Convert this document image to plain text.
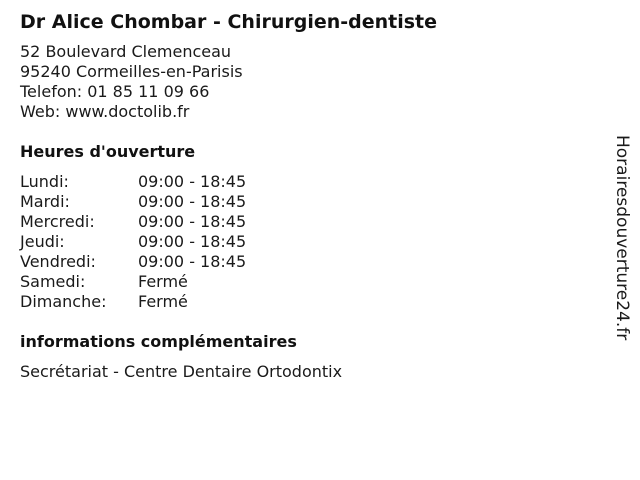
Dr Alice Chombar - Chirurgien-dentiste
52 Boulevard Clemenceau
95240 Cormeilles-en-Parisis
Telefon: 01 85 11 09 66
Web: www.doctolib.fr
Heures d'ouverture
Lundi:	09:00 - 18:45
Mardi:	09:00 - 18:45
Mercredi:	09:00 - 18:45
Jeudi:	09:00 - 18:45
Vendredi:	09:00 - 18:45
Samedi:	Fermé
Dimanche:	Fermé
informations complémentaires
Secrétariat - Centre Dentaire Ortodontix
Horairesdouverture24.fr
